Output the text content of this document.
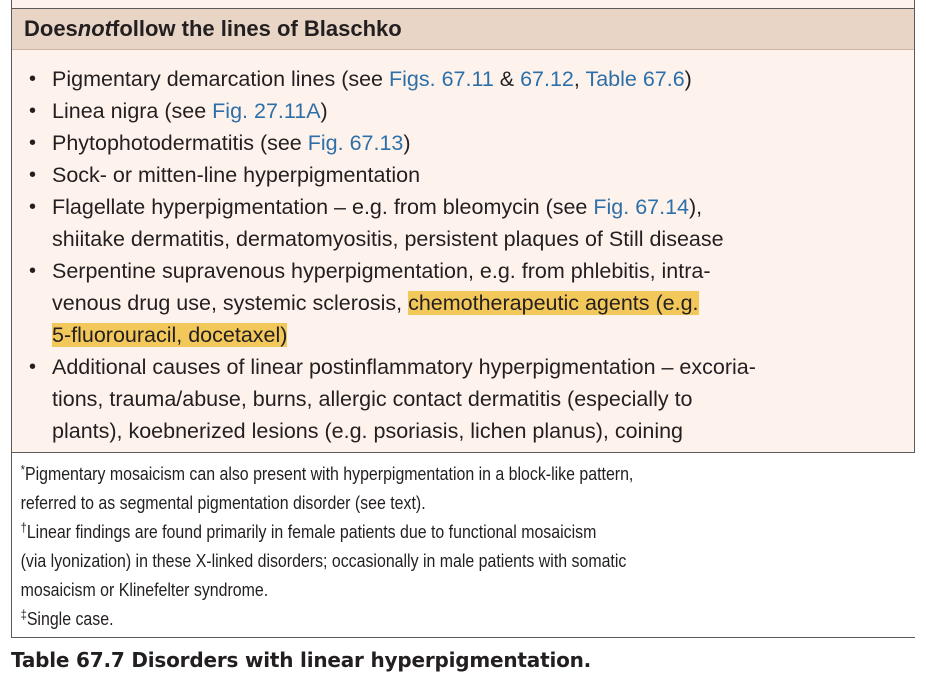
Does not follow the lines of Blaschko
• Pigmentary demarcation lines (see Figs. 67.11 & 67.12, Table 67.6)
• Linea nigra (see Fig. 27.11A)
• Phytophotodermatitis (see Fig. 67.13)
• Sock- or mitten-line hyperpigmentation
• Flagellate hyperpigmentation – e.g. from bleomycin (see Fig. 67.14),
shiitake dermatitis, dermatomyositis, persistent plaques of Still disease
• Serpentine supravenous hyperpigmentation, e.g. from phlebitis, intra-
venous drug use, systemic sclerosis, chemotherapeutic agents (e.g.
5-fluorouracil, docetaxel)
• Additional causes of linear postinflammatory hyperpigmentation – excoria-
tions, trauma/abuse, burns, allergic contact dermatitis (especially to
plants), koebnerized lesions (e.g. psoriasis, lichen planus), coining

*Pigmentary mosaicism can also present with hyperpigmentation in a block-like pattern,
referred to as segmental pigmentation disorder (see text).

†Linear findings are found primarily in female patients due to functional mosaicism
(via lyonization) in these X-linked disorders; occasionally in male patients with somatic
mosaicism or Klinefelter syndrome.

‡Single case.

Table 67.7 Disorders with linear hyperpigmentation.
